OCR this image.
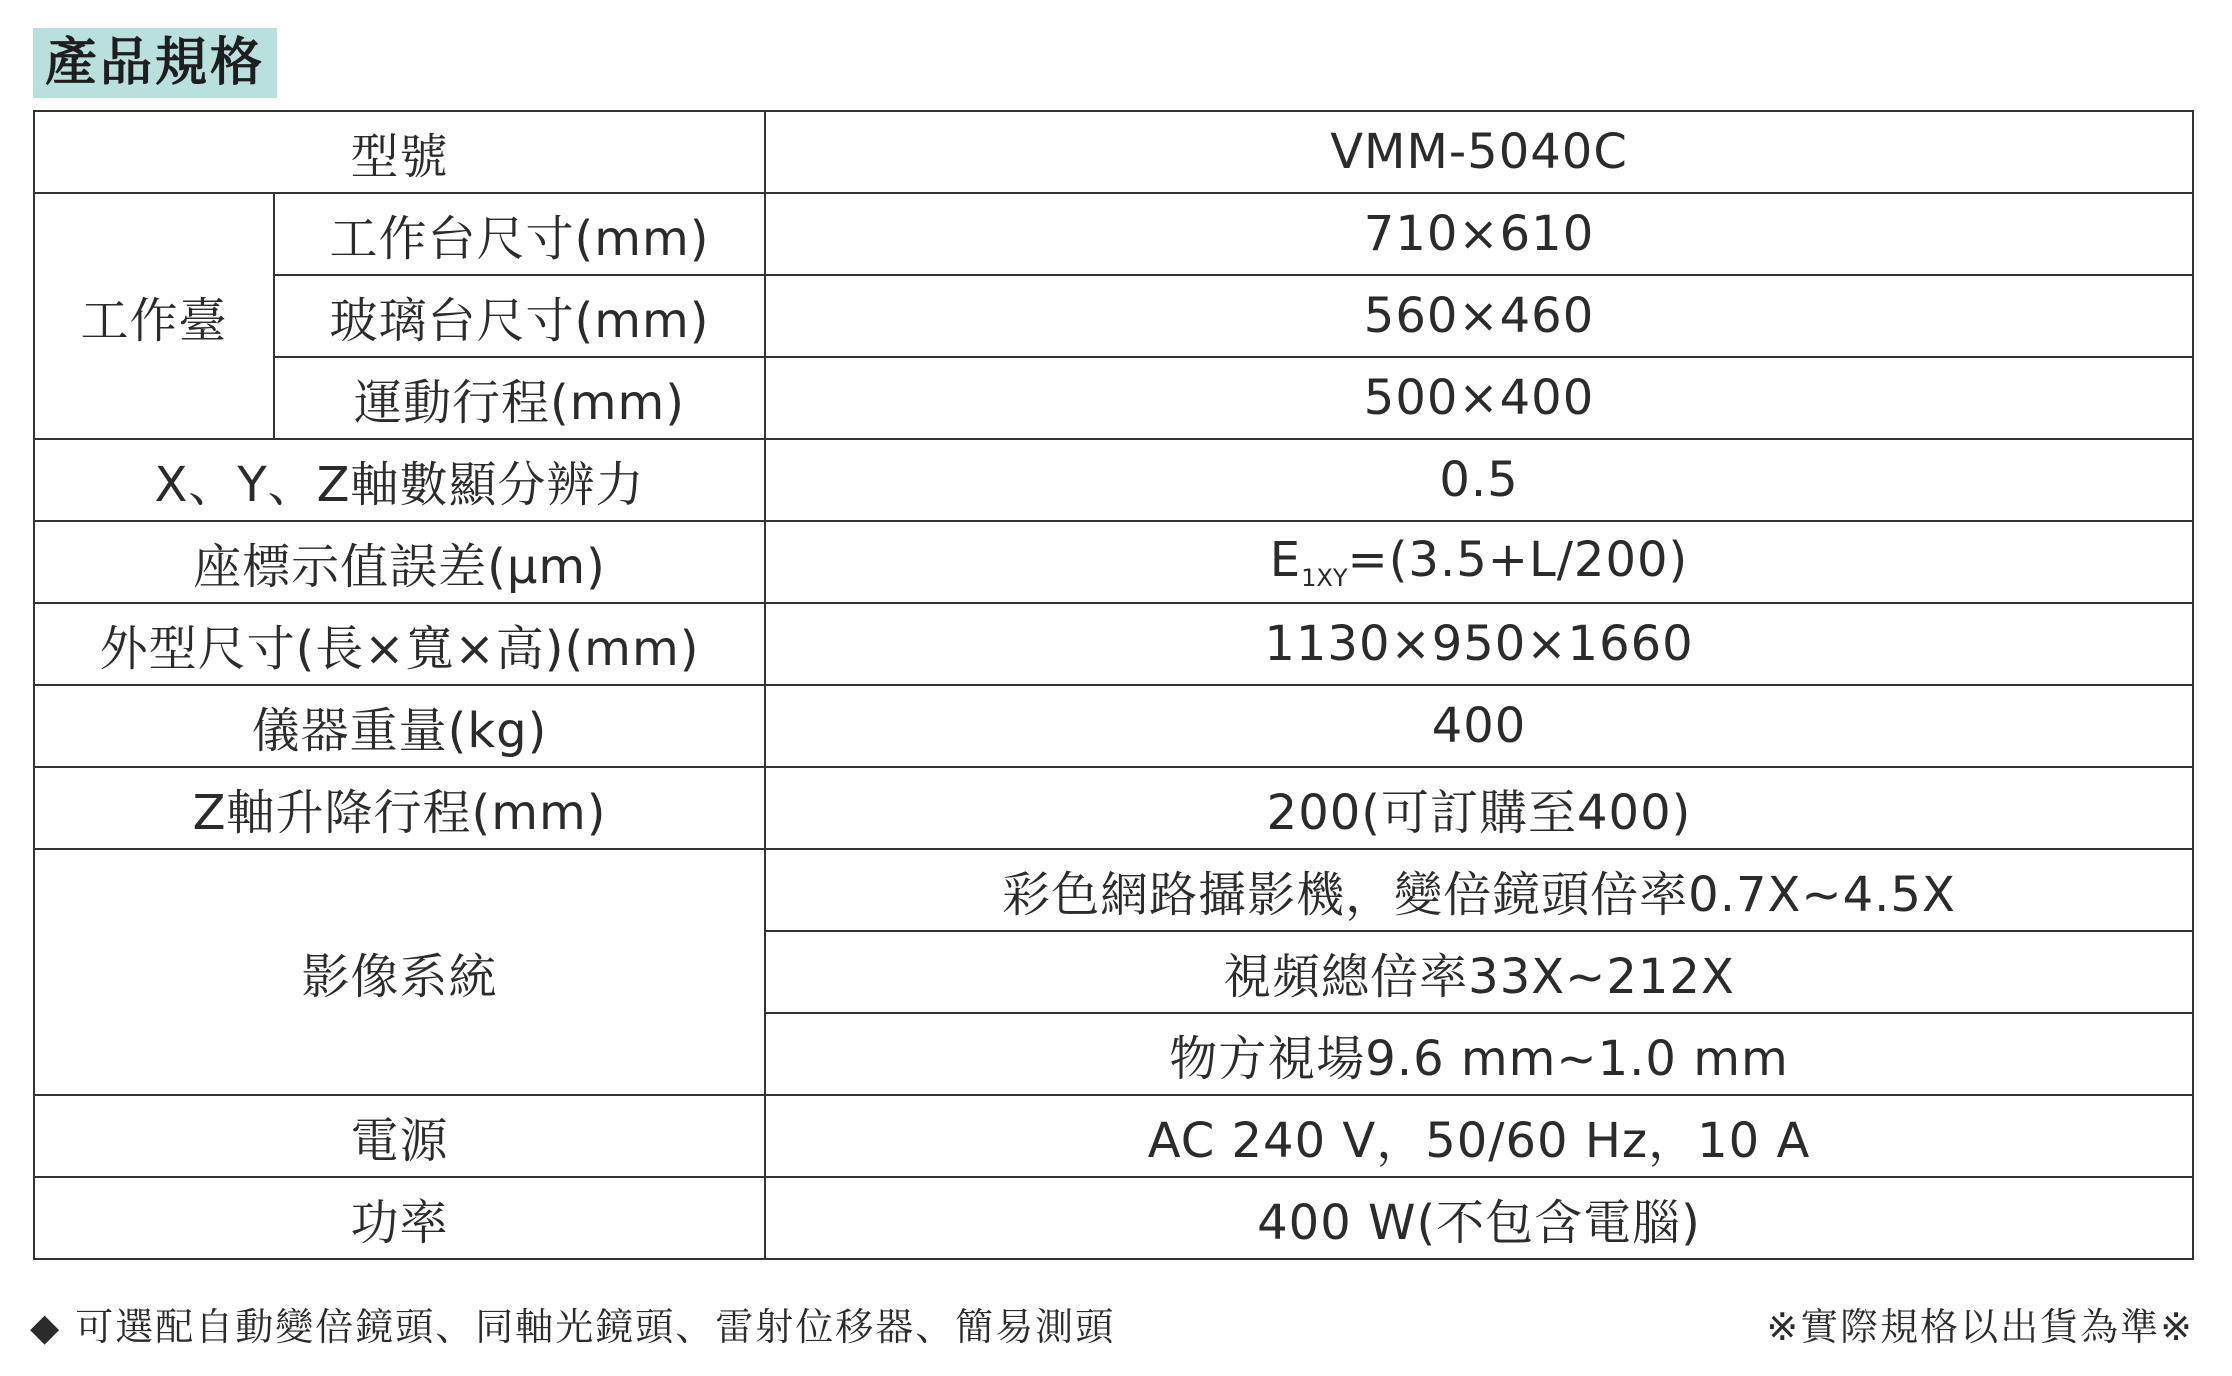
產品規格
型號		VMM-5040C
工作臺	工作台尺寸(mm)	710×610
	玻璃台尺寸(mm)	560×460
	運動行程(mm)	500×400
X、Y、Z軸數顯分辨力		0.5
座標示值誤差(μm)		$E_{1XY}=(3.5+L/200)$
外型尺寸(長×寬×高)(mm)		1130×950×1660
儀器重量(kg)		400
Z軸升降行程(mm)		200(可訂購至400)
影像系統		彩色網路攝影機，變倍鏡頭倍率0.7X~4.5X
		視頻總倍率33X~212X
		物方視場9.6 mm~1.0 mm
電源		AC 240 V，50/60 Hz，10 A
功率		400 W(不包含電腦)
◆ 可選配自動變倍鏡頭、同軸光鏡頭、雷射位移器、簡易測頭	※實際規格以出貨為準※
